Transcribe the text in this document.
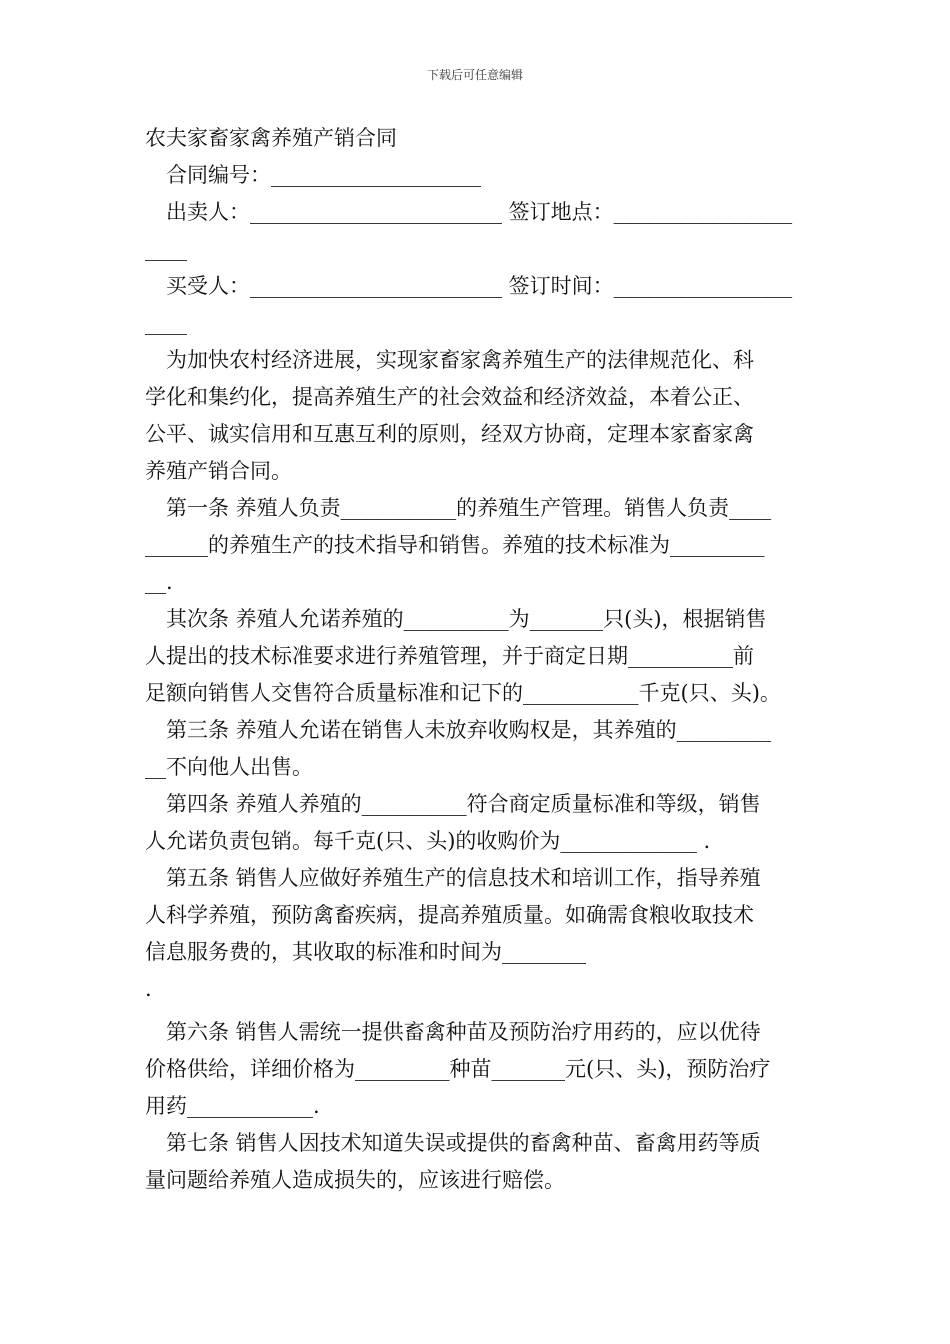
下载后可任意编辑
农夫家畜家禽养殖产销合同
合同编号：____________________
出卖人：________________________ 签订地点：_________________
____
买受人：________________________ 签订时间：_________________
____
为加快农村经济进展，实现家畜家禽养殖生产的法律规范化、科
学化和集约化，提高养殖生产的社会效益和经济效益，本着公正、
公平、诚实信用和互惠互利的原则，经双方协商，定理本家畜家禽
养殖产销合同。
第一条 养殖人负责___________的养殖生产管理。销售人负责____
______的养殖生产的技术指导和销售。养殖的技术标准为_________
__.
其次条 养殖人允诺养殖的__________为_______只(头)，根据销售
人提出的技术标准要求进行养殖管理，并于商定日期__________前
足额向销售人交售符合质量标准和记下的___________千克(只、头)。
第三条 养殖人允诺在销售人未放弃收购权是，其养殖的_________
__不向他人出售。
第四条 养殖人养殖的__________符合商定质量标准和等级，销售
人允诺负责包销。每千克(只、头)的收购价为_____________ .
第五条 销售人应做好养殖生产的信息技术和培训工作，指导养殖
人科学养殖，预防禽畜疾病，提高养殖质量。如确需食粮收取技术
信息服务费的，其收取的标准和时间为________
.
第六条 销售人需统一提供畜禽种苗及预防治疗用药的，应以优待
价格供给，详细价格为_________种苗_______元(只、头)，预防治疗
用药____________.
第七条 销售人因技术知道失误或提供的畜禽种苗、畜禽用药等质
量问题给养殖人造成损失的，应该进行赔偿。
